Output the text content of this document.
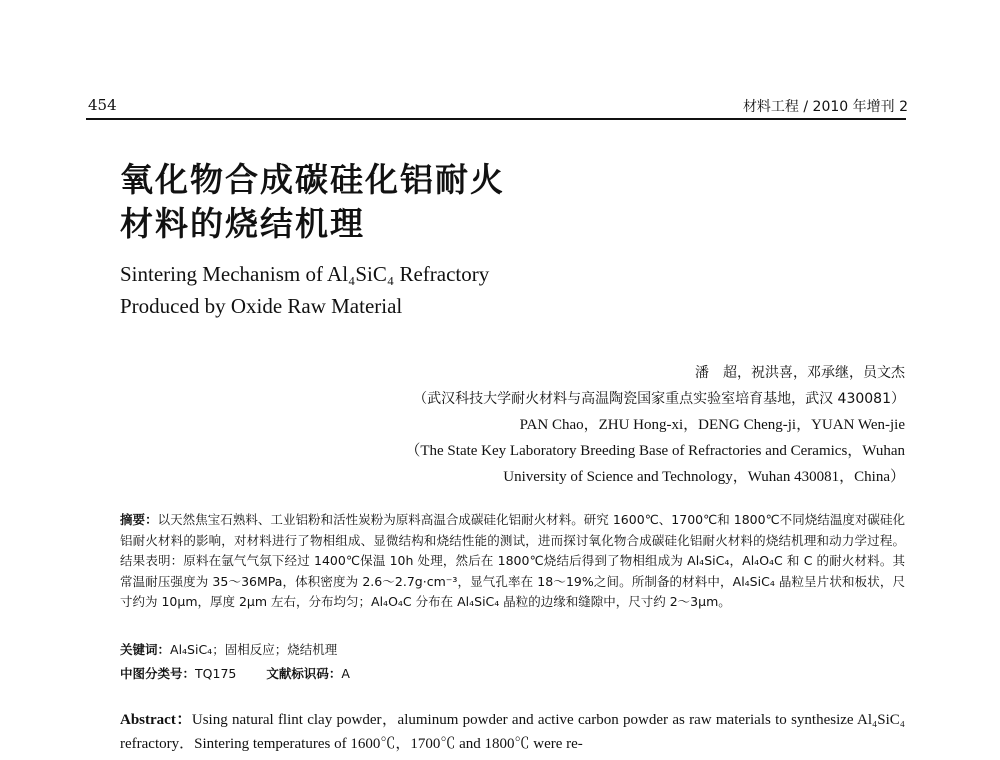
454	材料工程 / 2010 年增刊 2
氧化物合成碳硅化铝耐火
材料的烧结机理
Sintering Mechanism of Al₄SiC₄ Refractory
Produced by Oxide Raw Material
潘　超，祝洪喜，邓承继，员文杰
（武汉科技大学耐火材料与高温陶瓷国家重点实验室培育基地，武汉 430081）
PAN Chao，ZHU Hong-xi，DENG Cheng-ji，YUAN Wen-jie
（The State Key Laboratory Breeding Base of Refractories and Ceramics，Wuhan
University of Science and Technology，Wuhan 430081，China）
摘要：以天然焦宝石熟料、工业铝粉和活性炭粉为原料高温合成碳硅化铝耐火材料。研究 1600℃、1700℃和 1800℃不同烧结温度对碳硅化铝耐火材料的影响，对材料进行了物相组成、显微结构和烧结性能的测试，进而探讨氧化物合成碳硅化铝耐火材料的烧结机理和动力学过程。结果表明：原料在氩气气氛下经过 1400℃保温 10h 处理，然后在 1800℃烧结后得到了物相组成为 Al₄SiC₄，Al₄O₄C 和 C 的耐火材料。其常温耐压强度为 35～36MPa，体积密度为 2.6～2.7g·cm⁻³，显气孔率在 18～19%之间。所制备的材料中，Al₄SiC₄ 晶粒呈片状和板状，尺寸约为 10μm，厚度 2μm 左右，分布均匀；Al₄O₄C 分布在 Al₄SiC₄ 晶粒的边缘和缝隙中，尺寸约 2～3μm。
关键词：Al₄SiC₄；固相反应；烧结机理
中图分类号：TQ175 文献标识码：A
Abstract：Using natural flint clay powder，aluminum powder and active carbon powder as raw materials to synthesize Al₄SiC₄ refractory．Sintering temperatures of 1600℃，1700℃ and 1800℃ were re-
